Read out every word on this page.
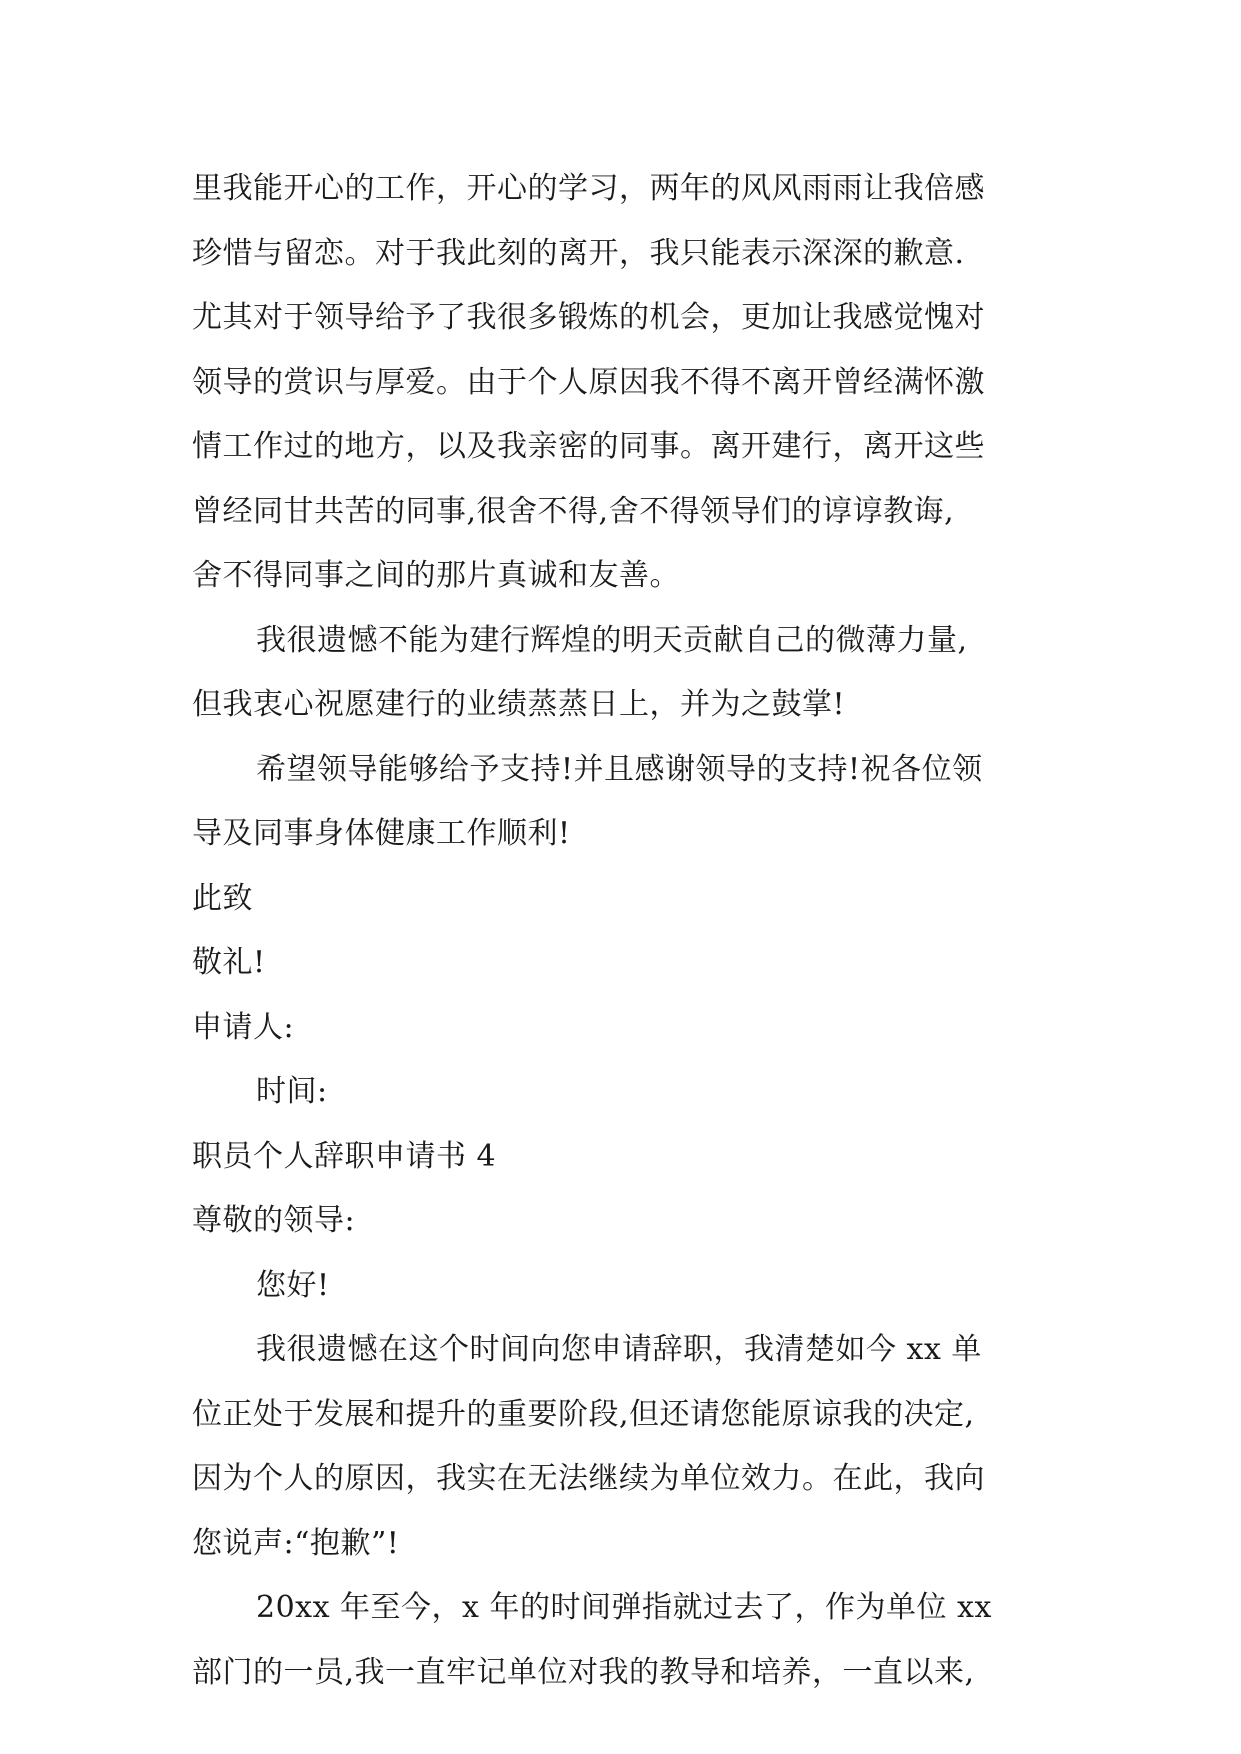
里我能开心的工作，开心的学习，两年的风风雨雨让我倍感
珍惜与留恋。对于我此刻的离开，我只能表示深深的歉意.
尤其对于领导给予了我很多锻炼的机会，更加让我感觉愧对
领导的赏识与厚爱。由于个人原因我不得不离开曾经满怀激
情工作过的地方，以及我亲密的同事。离开建行，离开这些
曾经同甘共苦的同事,很舍不得,舍不得领导们的谆谆教诲,
舍不得同事之间的那片真诚和友善。
我很遗憾不能为建行辉煌的明天贡献自己的微薄力量,
但我衷心祝愿建行的业绩蒸蒸日上，并为之鼓掌!
希望领导能够给予支持!并且感谢领导的支持!祝各位领
导及同事身体健康工作顺利!
此致
敬礼!
申请人:
时间:
职员个人辞职申请书 4
尊敬的领导:
您好!
我很遗憾在这个时间向您申请辞职，我清楚如今 xx 单
位正处于发展和提升的重要阶段,但还请您能原谅我的决定,
因为个人的原因，我实在无法继续为单位效力。在此，我向
您说声:“抱歉”!
20xx 年至今，x 年的时间弹指就过去了，作为单位 xx
部门的一员,我一直牢记单位对我的教导和培养，一直以来,
